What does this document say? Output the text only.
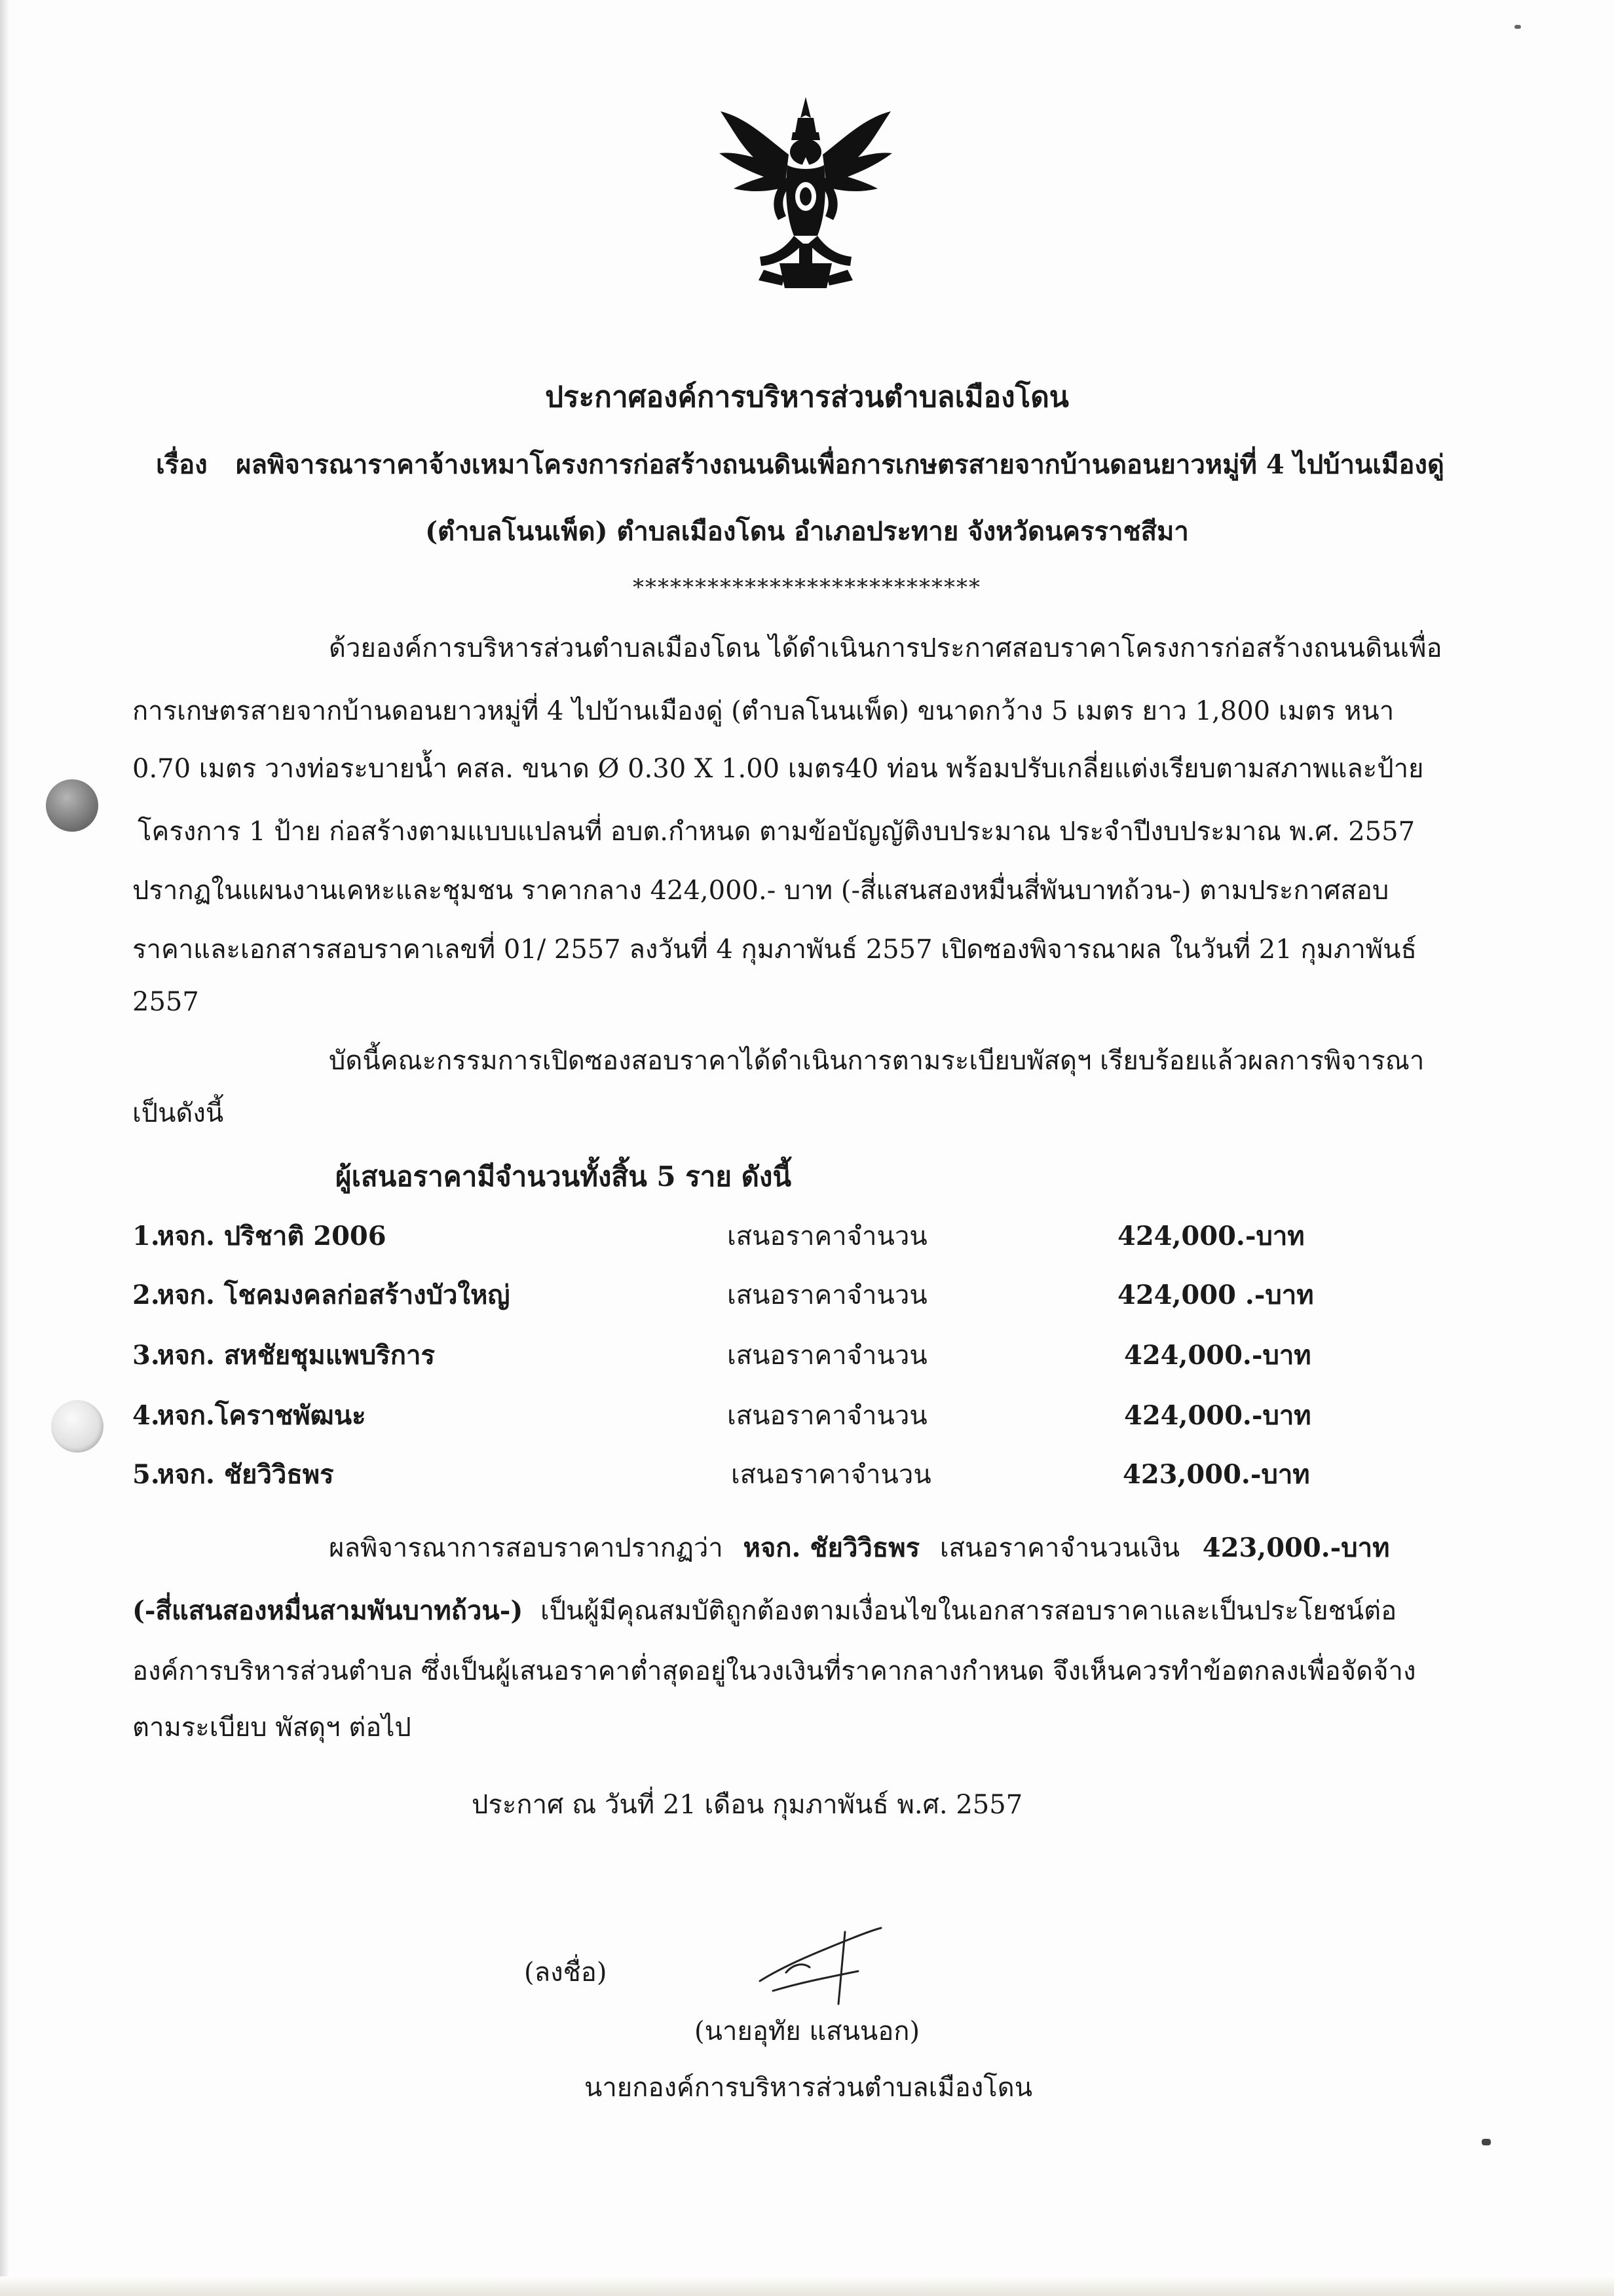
ประกาศองค์การบริหารส่วนตำบลเมืองโดน
เรื่อง ผลพิจารณาราคาจ้างเหมาโครงการก่อสร้างถนนดินเพื่อการเกษตรสายจากบ้านดอนยาวหมู่ที่ 4 ไปบ้านเมืองดู่
(ตำบลโนนเพ็ด) ตำบลเมืองโดน อำเภอประทาย จังหวัดนครราชสีมา
****************************
ด้วยองค์การบริหารส่วนตำบลเมืองโดน ได้ดำเนินการประกาศสอบราคาโครงการก่อสร้างถนนดินเพื่อ
การเกษตรสายจากบ้านดอนยาวหมู่ที่ 4 ไปบ้านเมืองดู่ (ตำบลโนนเพ็ด) ขนาดกว้าง 5 เมตร ยาว 1,800 เมตร หนา
0.70 เมตร วางท่อระบายน้ำ คสล. ขนาด Ø 0.30 X 1.00 เมตร40 ท่อน พร้อมปรับเกลี่ยแต่งเรียบตามสภาพและป้าย
โครงการ 1 ป้าย ก่อสร้างตามแบบแปลนที่ อบต.กำหนด ตามข้อบัญญัติงบประมาณ ประจำปีงบประมาณ พ.ศ. 2557
ปรากฏในแผนงานเคหะและชุมชน ราคากลาง 424,000.- บาท (-สี่แสนสองหมื่นสี่พันบาทถ้วน-) ตามประกาศสอบ
ราคาและเอกสารสอบราคาเลขที่ 01/ 2557 ลงวันที่ 4 กุมภาพันธ์ 2557 เปิดซองพิจารณาผล ในวันที่ 21 กุมภาพันธ์
2557
บัดนี้คณะกรรมการเปิดซองสอบราคาได้ดำเนินการตามระเบียบพัสดุฯ เรียบร้อยแล้วผลการพิจารณา
เป็นดังนี้
ผู้เสนอราคามีจำนวนทั้งสิ้น 5 ราย ดังนี้
1.
หจก. ปริชาติ 2006	เสนอราคาจำนวน	424,000.-บาท
2.
หจก. โชคมงคลก่อสร้างบัวใหญ่	เสนอราคาจำนวน	424,000 .-บาท
3.
หจก. สหชัยชุมแพบริการ	เสนอราคาจำนวน	424,000.-บาท
4.
หจก.โคราชพัฒนะ	เสนอราคาจำนวน	424,000.-บาท
5.
หจก. ชัยวิวิธพร	เสนอราคาจำนวน	423,000.-บาท
ผลพิจารณาการสอบราคาปรากฏว่า หจก. ชัยวิวิธพร เสนอราคาจำนวนเงิน 423,000.-บาท
(-สี่แสนสองหมื่นสามพันบาทถ้วน-) เป็นผู้มีคุณสมบัติถูกต้องตามเงื่อนไขในเอกสารสอบราคาและเป็นประโยชน์ต่อ
องค์การบริหารส่วนตำบล ซึ่งเป็นผู้เสนอราคาต่ำสุดอยู่ในวงเงินที่ราคากลางกำหนด จึงเห็นควรทำข้อตกลงเพื่อจัดจ้าง
ตามระเบียบ พัสดุฯ ต่อไป
ประกาศ ณ วันที่ 21 เดือน กุมภาพันธ์ พ.ศ. 2557
(ลงชื่อ)
(นายอุทัย แสนนอก)
นายกองค์การบริหารส่วนตำบลเมืองโดน
